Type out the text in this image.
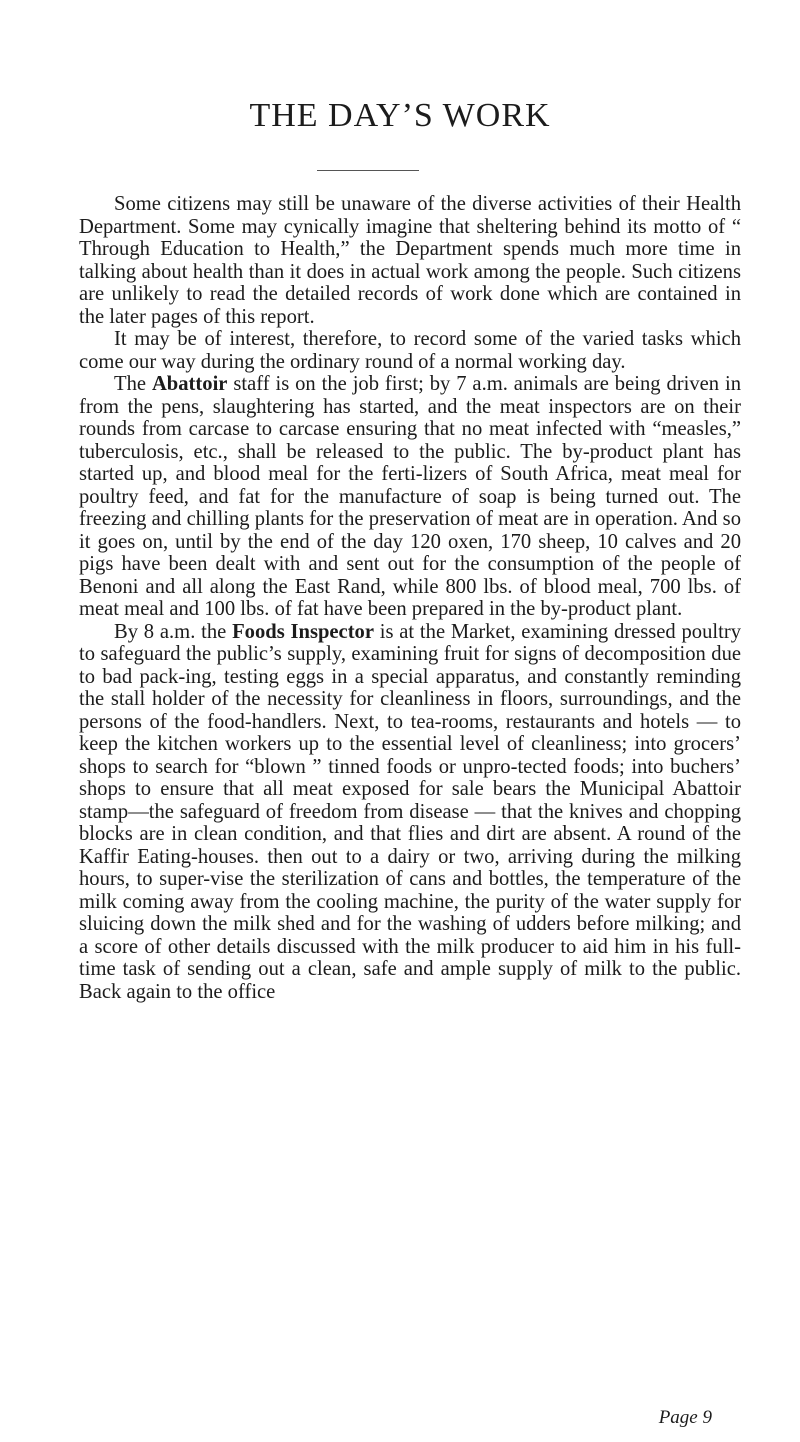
THE DAY’S WORK

Some citizens may still be unaware of the diverse activities of their Health Department. Some may cynically imagine that sheltering behind its motto of “ Through Education to Health,” the Department spends much more time in talking about health than it does in actual work among the people. Such citizens are unlikely to read the detailed records of work done which are contained in the later pages of this report.

It may be of interest, therefore, to record some of the varied tasks which come our way during the ordinary round of a normal working day.

The Abattoir staff is on the job first; by 7 a.m. animals are being driven in from the pens, slaughtering has started, and the meat inspectors are on their rounds from carcase to carcase ensuring that no meat infected with “measles,” tuberculosis, etc., shall be released to the public. The by-product plant has started up, and blood meal for the ferti-lizers of South Africa, meat meal for poultry feed, and fat for the manufacture of soap is being turned out. The freezing and chilling plants for the preservation of meat are in operation. And so it goes on, until by the end of the day 120 oxen, 170 sheep, 10 calves and 20 pigs have been dealt with and sent out for the consumption of the people of Benoni and all along the East Rand, while 800 lbs. of blood meal, 700 lbs. of meat meal and 100 lbs. of fat have been prepared in the by-product plant.

By 8 a.m. the Foods Inspector is at the Market, examining dressed poultry to safeguard the public’s supply, examining fruit for signs of decomposition due to bad pack-ing, testing eggs in a special apparatus, and constantly reminding the stall holder of the necessity for cleanliness in floors, surroundings, and the persons of the food-handlers. Next, to tea-rooms, restaurants and hotels — to keep the kitchen workers up to the essential level of cleanliness; into grocers’ shops to search for “blown ” tinned foods or unpro-tected foods; into buchers’ shops to ensure that all meat exposed for sale bears the Municipal Abattoir stamp—the safeguard of freedom from disease — that the knives and chopping blocks are in clean condition, and that flies and dirt are absent. A round of the Kaffir Eating-houses. then out to a dairy or two, arriving during the milking hours, to super-vise the sterilization of cans and bottles, the temperature of the milk coming away from the cooling machine, the purity of the water supply for sluicing down the milk shed and for the washing of udders before milking; and a score of other details discussed with the milk producer to aid him in his full-time task of sending out a clean, safe and ample supply of milk to the public. Back again to the office

Page 9
